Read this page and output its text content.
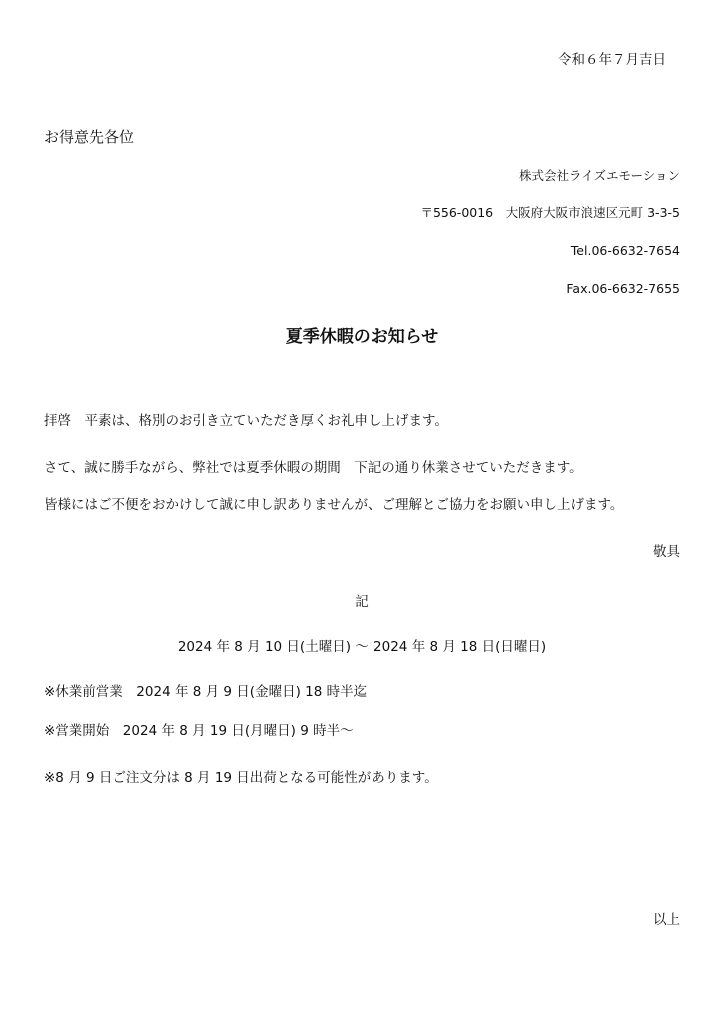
令和６年７月吉日
お得意先各位
株式会社ライズエモーション
〒556-0016　大阪府大阪市浪速区元町 3-3-5
Tel.06-6632-7654
Fax.06-6632-7655
夏季休暇のお知らせ
拝啓　平素は、格別のお引き立ていただき厚くお礼申し上げます。
さて、誠に勝手ながら、弊社では夏季休暇の期間　下記の通り休業させていただきます。
皆様にはご不便をおかけして誠に申し訳ありませんが、ご理解とご協力をお願い申し上げます。
敬具
記
2024 年 8 月 10 日(土曜日) ～ 2024 年 8 月 18 日(日曜日)
※休業前営業　2024 年 8 月 9 日(金曜日) 18 時半迄
※営業開始　2024 年 8 月 19 日(月曜日) 9 時半～
※8 月 9 日ご注文分は 8 月 19 日出荷となる可能性があります。
以上
